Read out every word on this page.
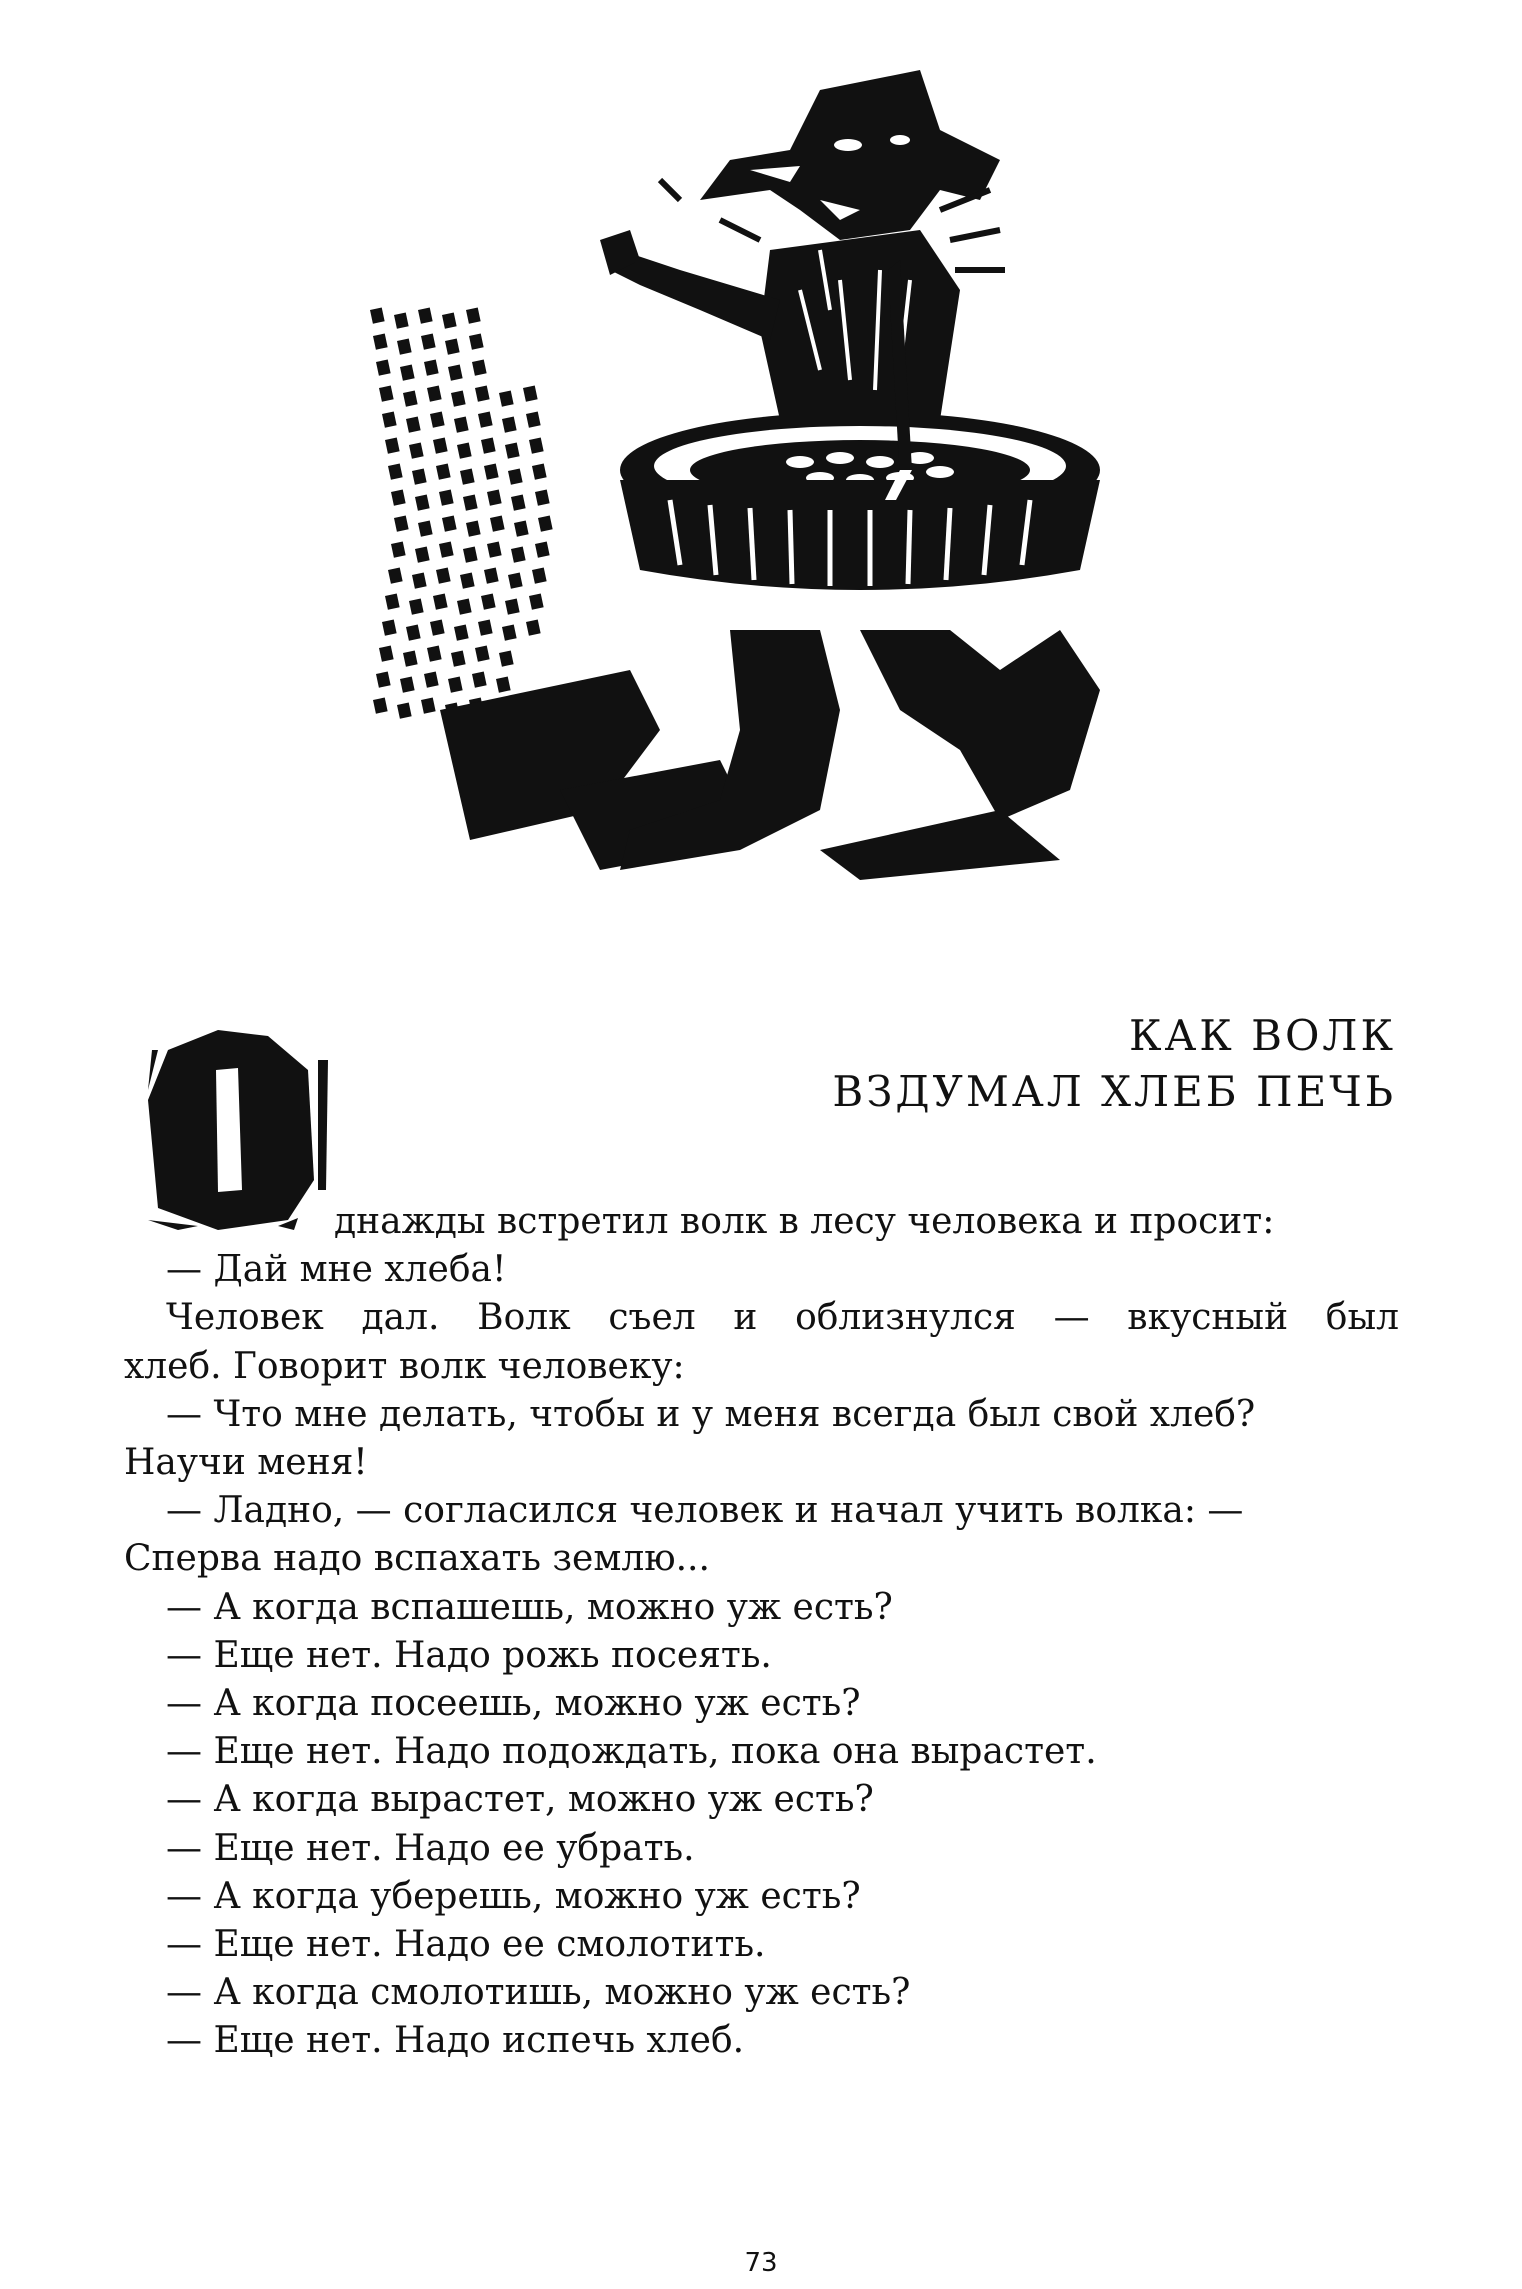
КАК ВОЛК
ВЗДУМАЛ ХЛЕБ ПЕЧЬ
днажды встретил волк в лесу человека и просит:
— Дай мне хлеба!
Человек дал. Волк съел и облизнулся — вкусный был
хлеб. Говорит волк человеку:
— Что мне делать, чтобы и у меня всегда был свой хлеб?
Научи меня!
— Ладно, — согласился человек и начал учить волка: —
Сперва надо вспахать землю...
— А когда вспашешь, можно уж есть?
— Еще нет. Надо рожь посеять.
— А когда посеешь, можно уж есть?
— Еще нет. Надо подождать, пока она вырастет.
— А когда вырастет, можно уж есть?
— Еще нет. Надо ее убрать.
— А когда уберешь, можно уж есть?
— Еще нет. Надо ее смолотить.
— А когда смолотишь, можно уж есть?
— Еще нет. Надо испечь хлеб.
73
